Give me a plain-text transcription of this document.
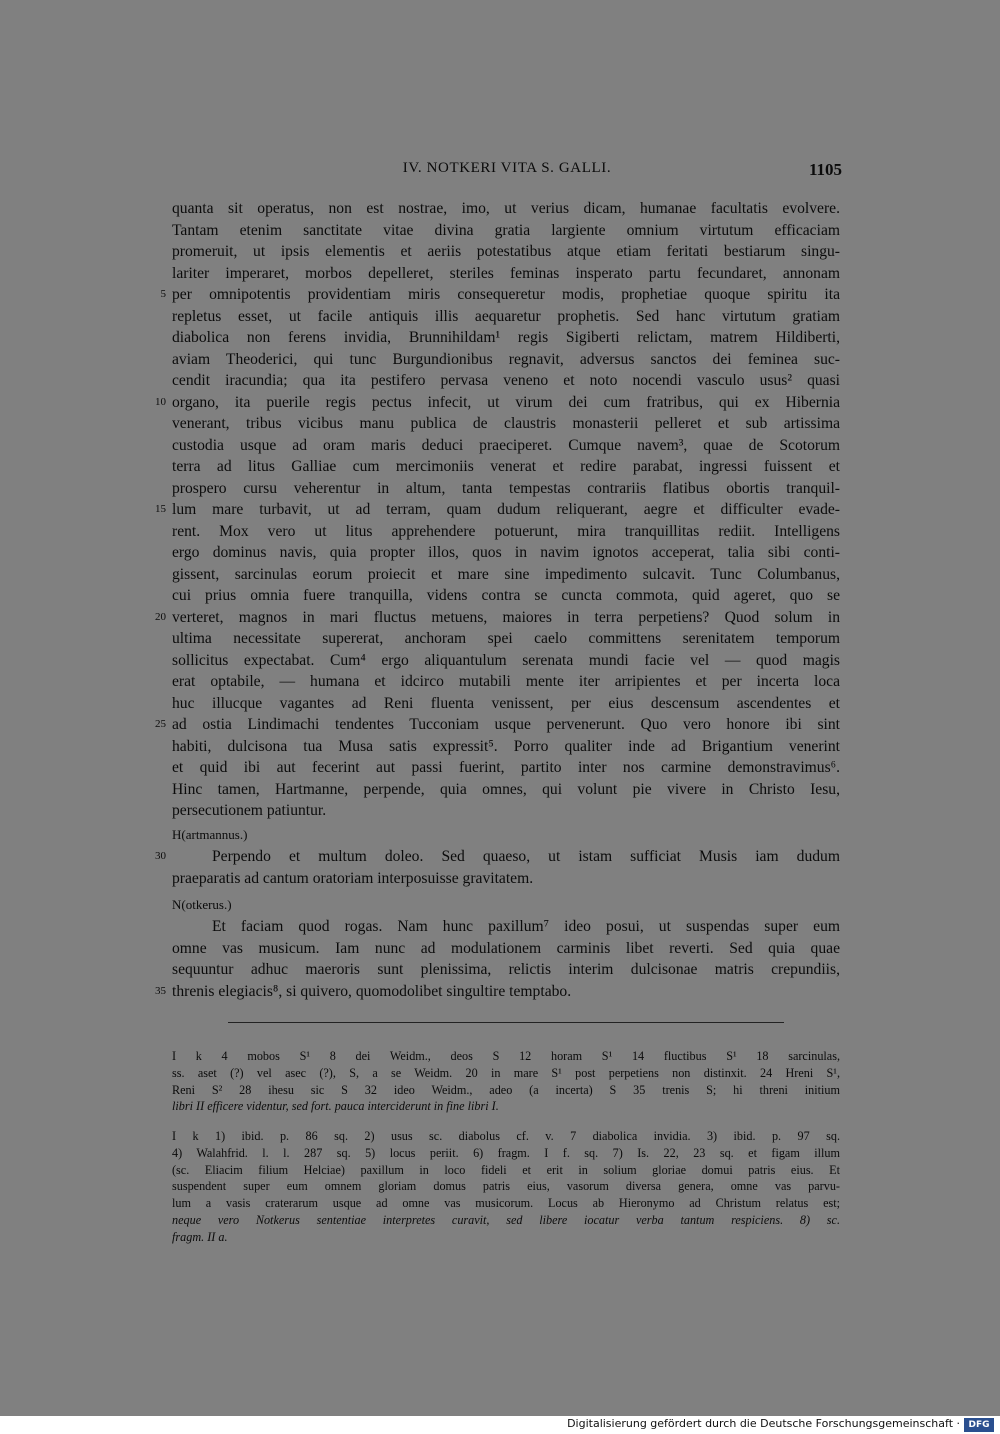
IV. NOTKERI VITA S. GALLI.	1105
quanta sit operatus, non est nostrae, imo, ut verius dicam, humanae facultatis evolvere.
Tantam etenim sanctitate vitae divina gratia largiente omnium virtutum efficaciam
promeruit, ut ipsis elementis et aeriis potestatibus atque etiam feritati bestiarum singu-
lariter imperaret, morbos depelleret, steriles feminas insperato partu fecundaret, annonam
per omnipotentis providentiam miris consequeretur modis, prophetiae quoque spiritu ita
repletus esset, ut facile antiquis illis aequaretur prophetis. Sed hanc virtutum gratiam
diabolica non ferens invidia, Brunnihildam¹ regis Sigiberti relictam, matrem Hildiberti,
aviam Theoderici, qui tunc Burgundionibus regnavit, adversus sanctos dei feminea suc-
cendit iracundia; qua ita pestifero pervasa veneno et noto nocendi vasculo usus² quasi
organo, ita puerile regis pectus infecit, ut virum dei cum fratribus, qui ex Hibernia
venerant, tribus vicibus manu publica de claustris monasterii pelleret et sub artissima
custodia usque ad oram maris deduci praeciperet. Cumque navem³, quae de Scotorum
terra ad litus Galliae cum mercimoniis venerat et redire parabat, ingressi fuissent et
prospero cursu veherentur in altum, tanta tempestas contrariis flatibus obortis tranquil-
lum mare turbavit, ut ad terram, quam dudum reliquerant, aegre et difficulter evade-
rent. Mox vero ut litus apprehendere potuerunt, mira tranquillitas rediit. Intelligens
ergo dominus navis, quia propter illos, quos in navim ignotos acceperat, talia sibi conti-
gissent, sarcinulas eorum proiecit et mare sine impedimento sulcavit. Tunc Columbanus,
cui prius omnia fuere tranquilla, videns contra se cuncta commota, quid ageret, quo se
verteret, magnos in mari fluctus metuens, maiores in terra perpetiens? Quod solum in
ultima necessitate supererat, anchoram spei caelo committens serenitatem temporum
sollicitus expectabat. Cum⁴ ergo aliquantulum serenata mundi facie vel — quod magis
erat optabile, — humana et idcirco mutabili mente iter arripientes et per incerta loca
huc illucque vagantes ad Reni fluenta venissent, per eius descensum ascendentes et
ad ostia Lindimachi tendentes Tucconiam usque pervenerunt. Quo vero honore ibi sint
habiti, dulcisona tua Musa satis expressit⁵. Porro qualiter inde ad Brigantium venerint
et quid ibi aut fecerint aut passi fuerint, partito inter nos carmine demonstravimus⁶.
Hinc tamen, Hartmanne, perpende, quia omnes, qui volunt pie vivere in Christo Iesu,
persecutionem patiuntur.
H(artmannus.)
Perpendo et multum doleo. Sed quaeso, ut istam sufficiat Musis iam dudum
praeparatis ad cantum oratoriam interposuisse gravitatem.
N(otkerus.)
Et faciam quod rogas. Nam hunc paxillum⁷ ideo posui, ut suspendas super eum
omne vas musicum. Iam nunc ad modulationem carminis libet reverti. Sed quia quae
sequuntur adhuc maeroris sunt plenissima, relictis interim dulcisonae matris crepundiis,
threnis elegiacis⁸, si quivero, quomodolibet singultire temptabo.
5
10
15
20
25
30
35
I k 4 mobos S¹ 8 dei Weidm., deos S 12 horam S¹ 14 fluctibus S¹ 18 sarcinulas,
ss. aset (?) vel asec (?), S, a se Weidm. 20 in mare S¹ post perpetiens non distinxit. 24 Hreni S¹,
Reni S² 28 ihesu sic S 32 ideo Weidm., adeo (a incerta) S 35 trenis S; hi threni initium
libri II efficere videntur, sed fort. pauca interciderunt in fine libri I.
I k 1) ibid. p. 86 sq. 2) usus sc. diabolus cf. v. 7 diabolica invidia. 3) ibid. p. 97 sq.
4) Walahfrid. l. l. 287 sq. 5) locus periit. 6) fragm. I f. sq. 7) Is. 22, 23 sq. et figam illum
(sc. Eliacim filium Helciae) paxillum in loco fideli et erit in solium gloriae domui patris eius. Et
suspendent super eum omnem gloriam domus patris eius, vasorum diversa genera, omne vas parvu-
lum a vasis craterarum usque ad omne vas musicorum. Locus ab Hieronymo ad Christum relatus est;
neque vero Notkerus sententiae interpretes curavit, sed libere iocatur verba tantum respiciens. 8) sc.
fragm. II a.
Digitalisierung gefördert durch die Deutsche Forschungsgemeinschaft · DFG
